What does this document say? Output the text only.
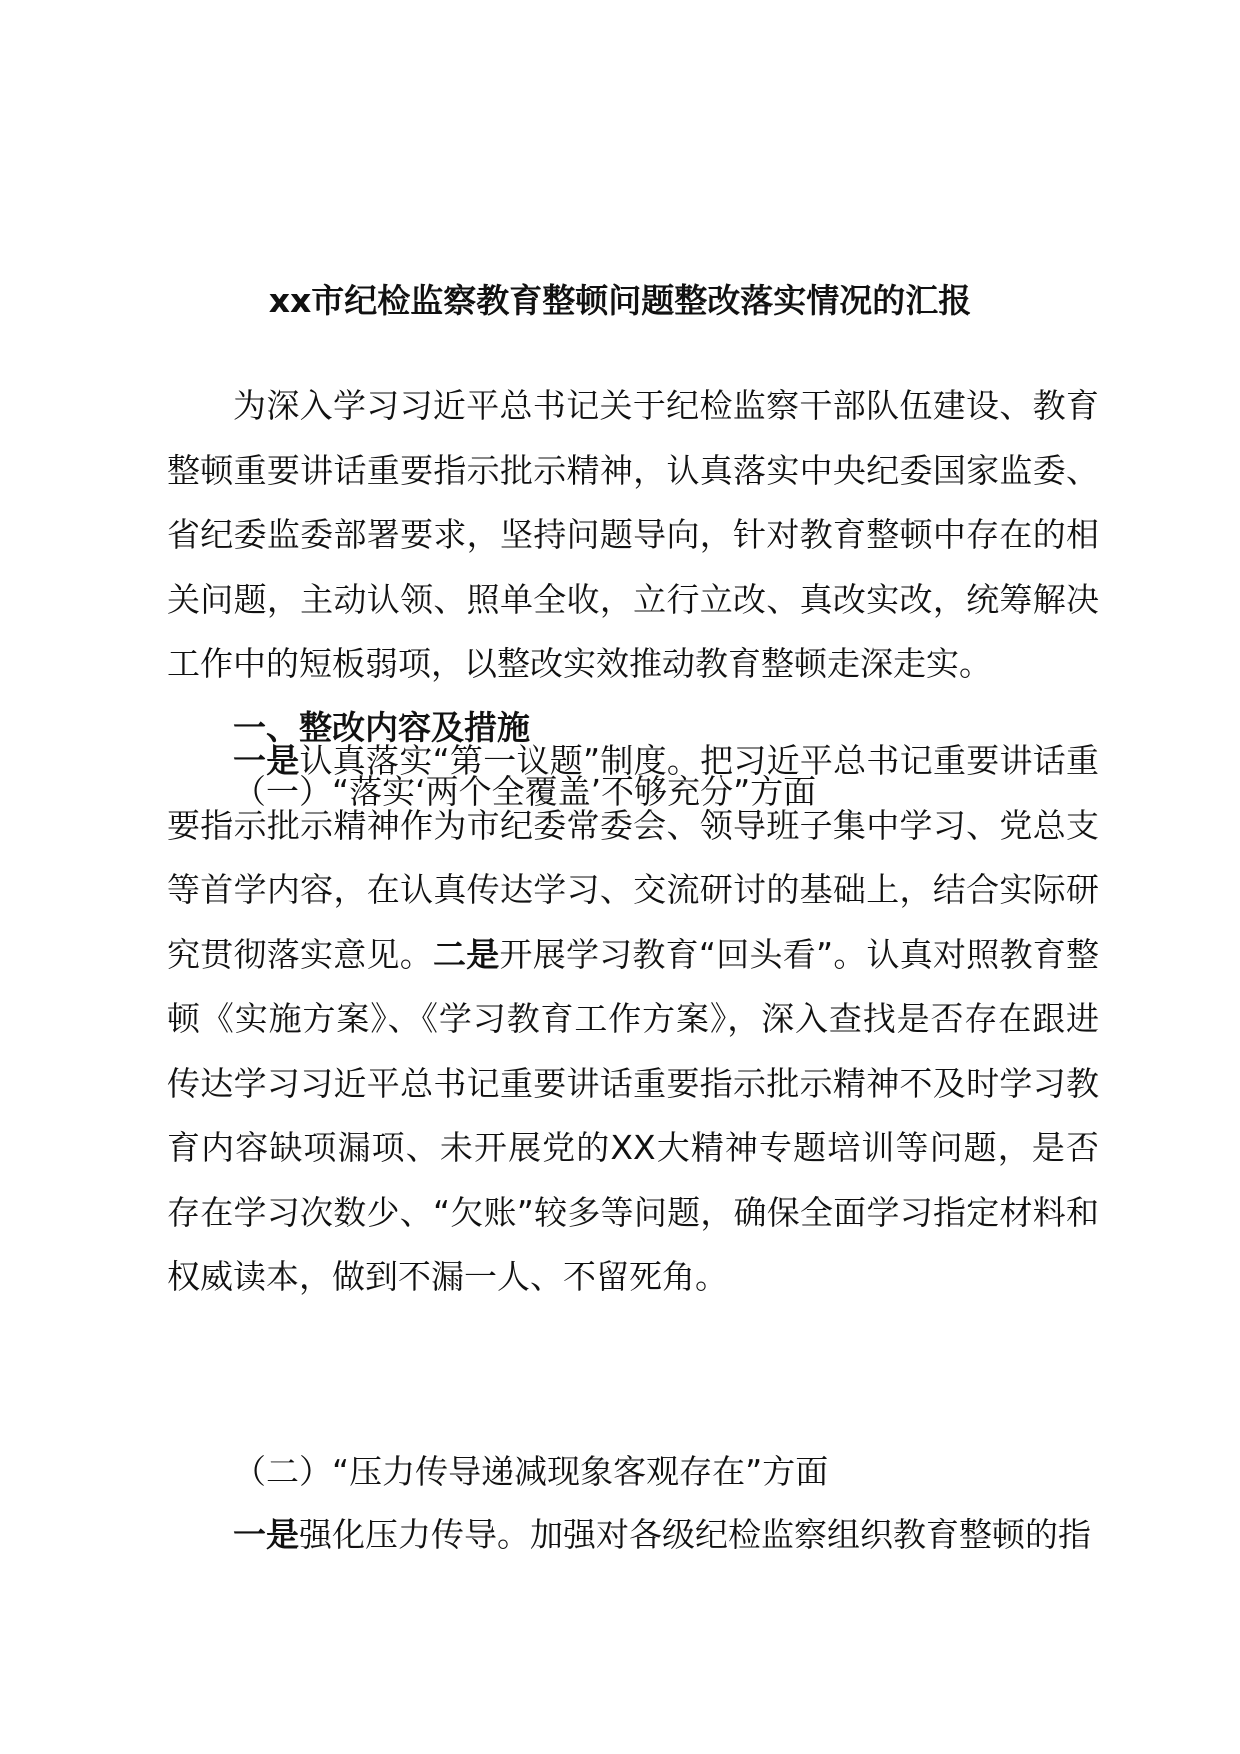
xx市纪检监察教育整顿问题整改落实情况的汇报
为深入学习习近平总书记关于纪检监察干部队伍建设、教育整顿重要讲话重要指示批示精神，认真落实中央纪委国家监委、省纪委监委部署要求，坚持问题导向，针对教育整顿中存在的相关问题，主动认领、照单全收，立行立改、真改实改，统筹解决工作中的短板弱项，以整改实效推动教育整顿走深走实。
一、整改内容及措施
（一）“落实‘两个全覆盖’不够充分”方面
一是认真落实“第一议题”制度。把习近平总书记重要讲话重要指示批示精神作为市纪委常委会、领导班子集中学习、党总支等首学内容，在认真传达学习、交流研讨的基础上，结合实际研究贯彻落实意见。二是开展学习教育“回头看”。认真对照教育整顿《实施方案》、《学习教育工作方案》，深入查找是否存在跟进传达学习习近平总书记重要讲话重要指示批示精神不及时学习教育内容缺项漏项、未开展党的XX大精神专题培训等问题，是否存在学习次数少、“欠账”较多等问题，确保全面学习指定材料和权威读本，做到不漏一人、不留死角。
（二）“压力传导递减现象客观存在”方面
一是强化压力传导。加强对各级纪检监察组织教育整顿的指
